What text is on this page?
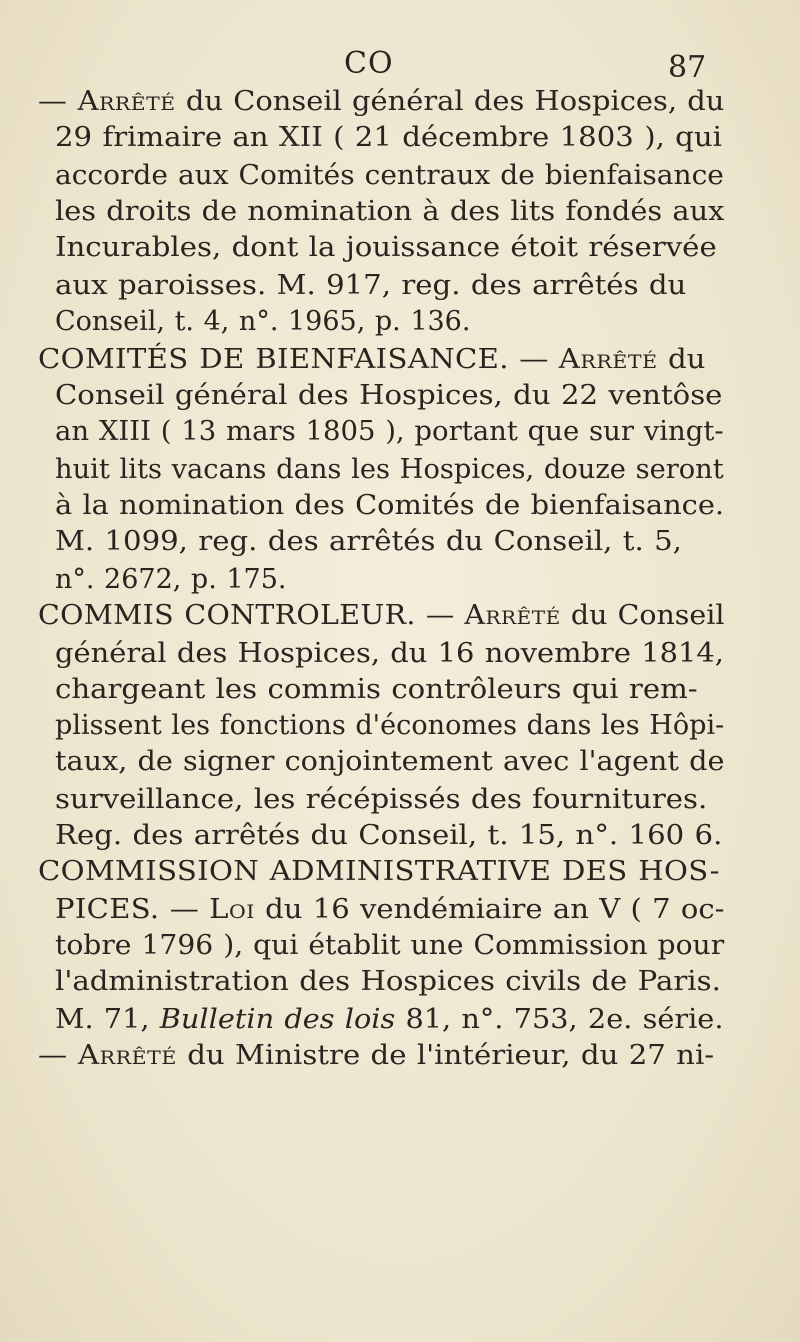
CO	87
— Arrêté du Conseil général des Hospices, du
29 frimaire an XII ( 21 décembre 1803 ), qui
accorde aux Comités centraux de bienfaisance
les droits de nomination à des lits fondés aux
Incurables, dont la jouissance étoit réservée
aux paroisses. M. 917, reg. des arrêtés du
Conseil, t. 4, n°. 1965, p. 136.
COMITÉS DE BIENFAISANCE. — Arrêté du
Conseil général des Hospices, du 22 ventôse
an XIII ( 13 mars 1805 ), portant que sur vingt-
huit lits vacans dans les Hospices, douze seront
à la nomination des Comités de bienfaisance.
M. 1099, reg. des arrêtés du Conseil, t. 5,
n°. 2672, p. 175.
COMMIS CONTROLEUR. — Arrêté du Conseil
général des Hospices, du 16 novembre 1814,
chargeant les commis contrôleurs qui rem-
plissent les fonctions d'économes dans les Hôpi-
taux, de signer conjointement avec l'agent de
surveillance, les récépissés des fournitures.
Reg. des arrêtés du Conseil, t. 15, n°. 160 6.
COMMISSION ADMINISTRATIVE DES HOS-
PICES. — Loi du 16 vendémiaire an V ( 7 oc-
tobre 1796 ), qui établit une Commission pour
l'administration des Hospices civils de Paris.
M. 71, Bulletin des lois 81, n°. 753, 2e. série.
— Arrêté du Ministre de l'intérieur, du 27 ni-
